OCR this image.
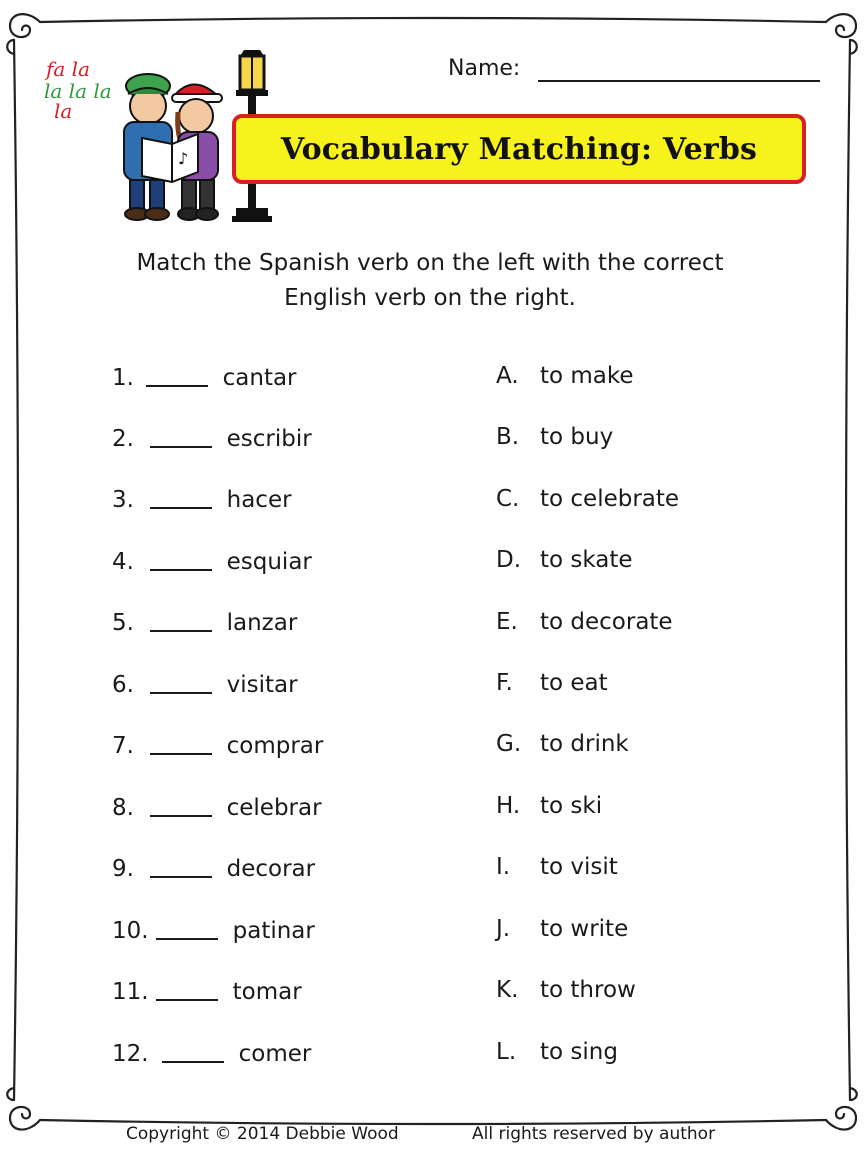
fa la
la la la
la
♪
Name:
Vocabulary Matching: Verbs
Match the Spanish verb on the left with the correct
English verb on the right.
1.	cantar
2.	escribir
3.	hacer
4.	esquiar
5.	lanzar
6.	visitar
7.	comprar
8.	celebrar
9.	decorar
10.	patinar
11.	tomar
12.	comer
A. to make
B. to buy
C. to celebrate
D. to skate
E. to decorate
F. to eat
G. to drink
H. to ski
I. to visit
J. to write
K. to throw
L. to sing
Copyright © 2014 Debbie Wood	All rights reserved by author
